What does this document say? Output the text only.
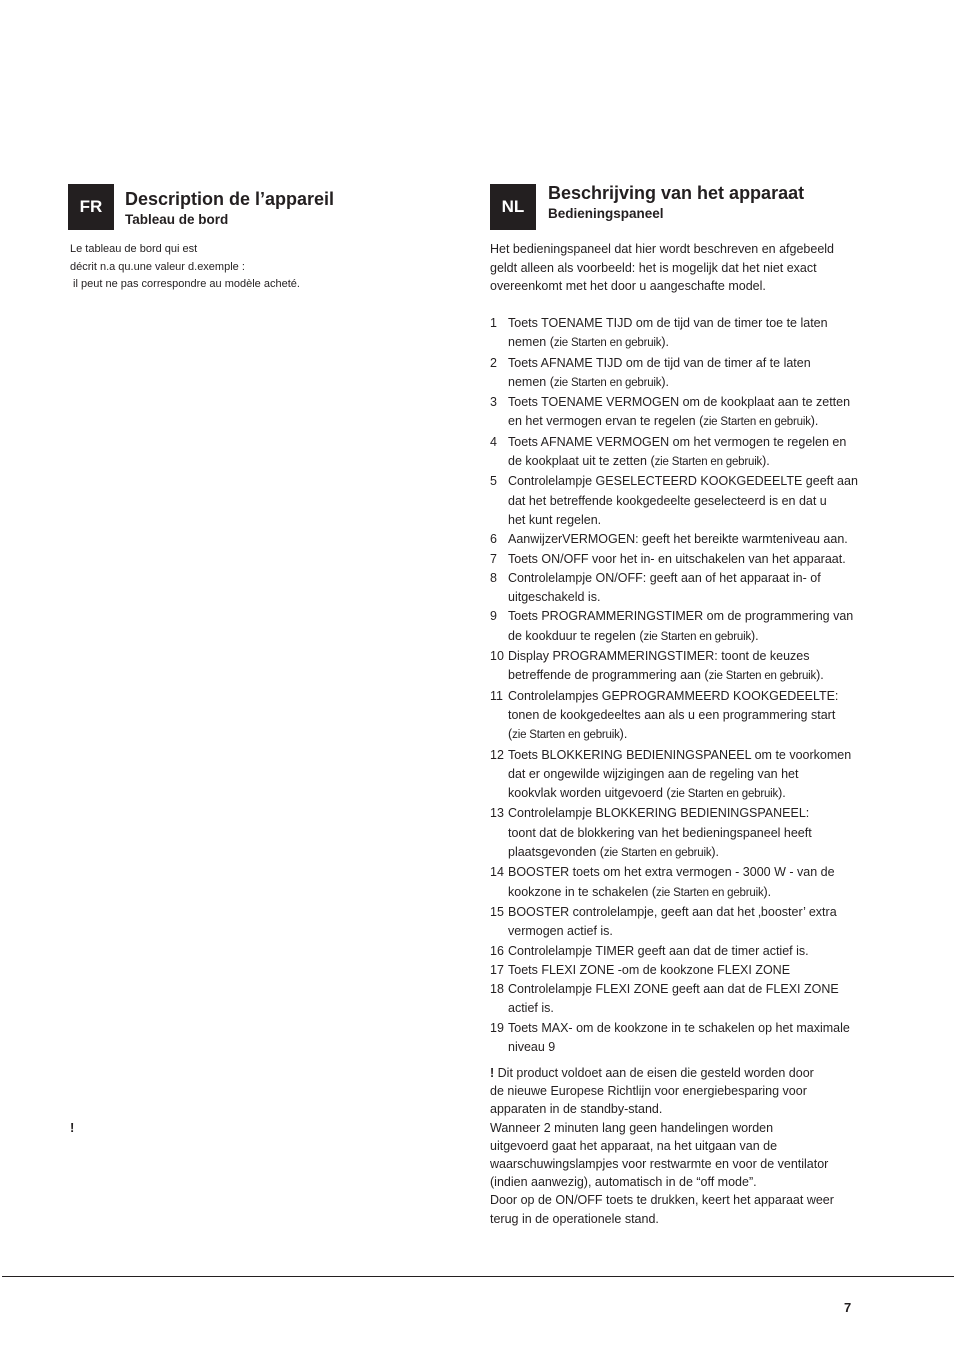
FR	Description de l’appareil
Tableau de bord
Le tableau de bord qui est
décrit n.a qu.une valeur d.exemple :
il peut ne pas correspondre au modèle acheté.
!
NL
Beschrijving van het apparaat
Bedieningspaneel
Het bedieningspaneel dat hier wordt beschreven en afgebeeld
geldt alleen als voorbeeld: het is mogelijk dat het niet exact
overeenkomt met het door u aangeschafte model.
1 Toets TOENAME TIJD om de tijd van de timer toe te laten
nemen (zie Starten en gebruik).
2 Toets AFNAME TIJD om de tijd van de timer af te laten
nemen (zie Starten en gebruik).
3 Toets TOENAME VERMOGEN om de kookplaat aan te zetten
en het vermogen ervan te regelen (zie Starten en gebruik).
4 Toets AFNAME VERMOGEN om het vermogen te regelen en
de kookplaat uit te zetten (zie Starten en gebruik).
5 Controlelampje GESELECTEERD KOOKGEDEELTE geeft aan
dat het betreffende kookgedeelte geselecteerd is en dat u
het kunt regelen.
6 AanwijzerVERMOGEN: geeft het bereikte warmteniveau aan.
7 Toets ON/OFF voor het in- en uitschakelen van het apparaat.
8 Controlelampje ON/OFF: geeft aan of het apparaat in- of
uitgeschakeld is.
9 Toets PROGRAMMERINGSTIMER om de programmering van
de kookduur te regelen (zie Starten en gebruik).
10 Display PROGRAMMERINGSTIMER: toont de keuzes
betreffende de programmering aan (zie Starten en gebruik).
11 Controlelampjes GEPROGRAMMEERD KOOKGEDEELTE:
tonen de kookgedeeltes aan als u een programmering start
(zie Starten en gebruik).
12 Toets BLOKKERING BEDIENINGSPANEEL om te voorkomen
dat er ongewilde wijzigingen aan de regeling van het
kookvlak worden uitgevoerd (zie Starten en gebruik).
13 Controlelampje BLOKKERING BEDIENINGSPANEEL:
toont dat de blokkering van het bedieningspaneel heeft
plaatsgevonden (zie Starten en gebruik).
14 BOOSTER toets om het extra vermogen - 3000 W - van de
kookzone in te schakelen (zie Starten en gebruik).
15 BOOSTER controlelampje, geeft aan dat het ‚booster’ extra
vermogen actief is.
16 Controlelampje TIMER geeft aan dat de timer actief is.
17 Toets FLEXI ZONE -om de kookzone FLEXI ZONE
18 Controlelampje FLEXI ZONE geeft aan dat de FLEXI ZONE
actief is.
19 Toets MAX- om de kookzone in te schakelen op het maximale
niveau 9
! Dit product voldoet aan de eisen die gesteld worden door
de nieuwe Europese Richtlijn voor energiebesparing voor
apparaten in de standby-stand.
Wanneer 2 minuten lang geen handelingen worden
uitgevoerd gaat het apparaat, na het uitgaan van de
waarschuwingslampjes voor restwarmte en voor de ventilator
(indien aanwezig), automatisch in de “off mode”.
Door op de ON/OFF toets te drukken, keert het apparaat weer
terug in de operationele stand.
7
